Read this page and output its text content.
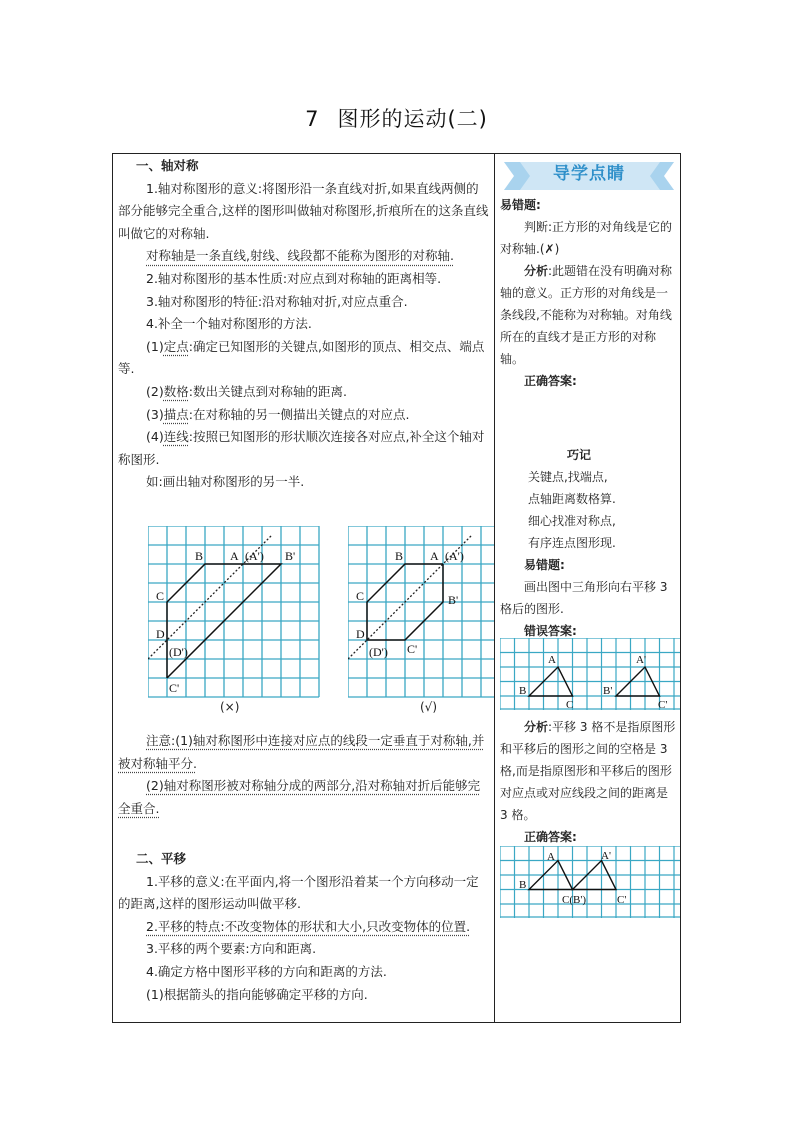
7 图形的运动(二)

一、轴对称

1.轴对称图形的意义:将图形沿一条直线对折,如果直线两侧的部分能够完全重合,这样的图形叫做轴对称图形,折痕所在的这条直线叫做它的对称轴.

对称轴是一条直线,射线、线段都不能称为图形的对称轴.

2.轴对称图形的基本性质:对应点到对称轴的距离相等.

3.轴对称图形的特征:沿对称轴对折,对应点重合.

4.补全一个轴对称图形的方法.

(1)定点:确定已知图形的关键点,如图形的顶点、相交点、端点等.

(2)数格:数出关键点到对称轴的距离.

(3)描点:在对称轴的另一侧描出关键点的对应点.

(4)连线:按照已知图形的形状顺次连接各对应点,补全这个轴对称图形.

如:画出轴对称图形的另一半.

B A (A') B'
C
D
(D')
C'
(×)
B A (A')
B'
C
D
(D') C'
(√)

注意:(1)轴对称图形中连接对应点的线段一定垂直于对称轴,并被对称轴平分.

(2)轴对称图形被对称轴分成的两部分,沿对称轴对折后能够完全重合.

二、平移

1.平移的意义:在平面内,将一个图形沿着某一个方向移动一定的距离,这样的图形运动叫做平移.

2.平移的特点:不改变物体的形状和大小,只改变物体的位置.

3.平移的两个要素:方向和距离.

4.确定方格中图形平移的方向和距离的方法.

(1)根据箭头的指向能够确定平移的方向.

导学点睛

易错题:

判断:正方形的对角线是它的对称轴.(✗)

分析:此题错在没有明确对称轴的意义。正方形的对角线是一条线段,不能称为对称轴。对角线所在的直线才是正方形的对称轴。

正确答案:

巧记

关键点,找端点,

点轴距离数格算.

细心找准对称点,

有序连点图形现.

易错题:

画出图中三角形向右平移 3 格后的图形.

错误答案:

A
B
C
A'
B'
C'

分析:平移 3 格不是指原图形和平移后的图形之间的空格是 3 格,而是指原图形和平移后的图形对应点或对应线段之间的距离是 3 格。

正确答案:

A
B
C(B')
A'
C'
